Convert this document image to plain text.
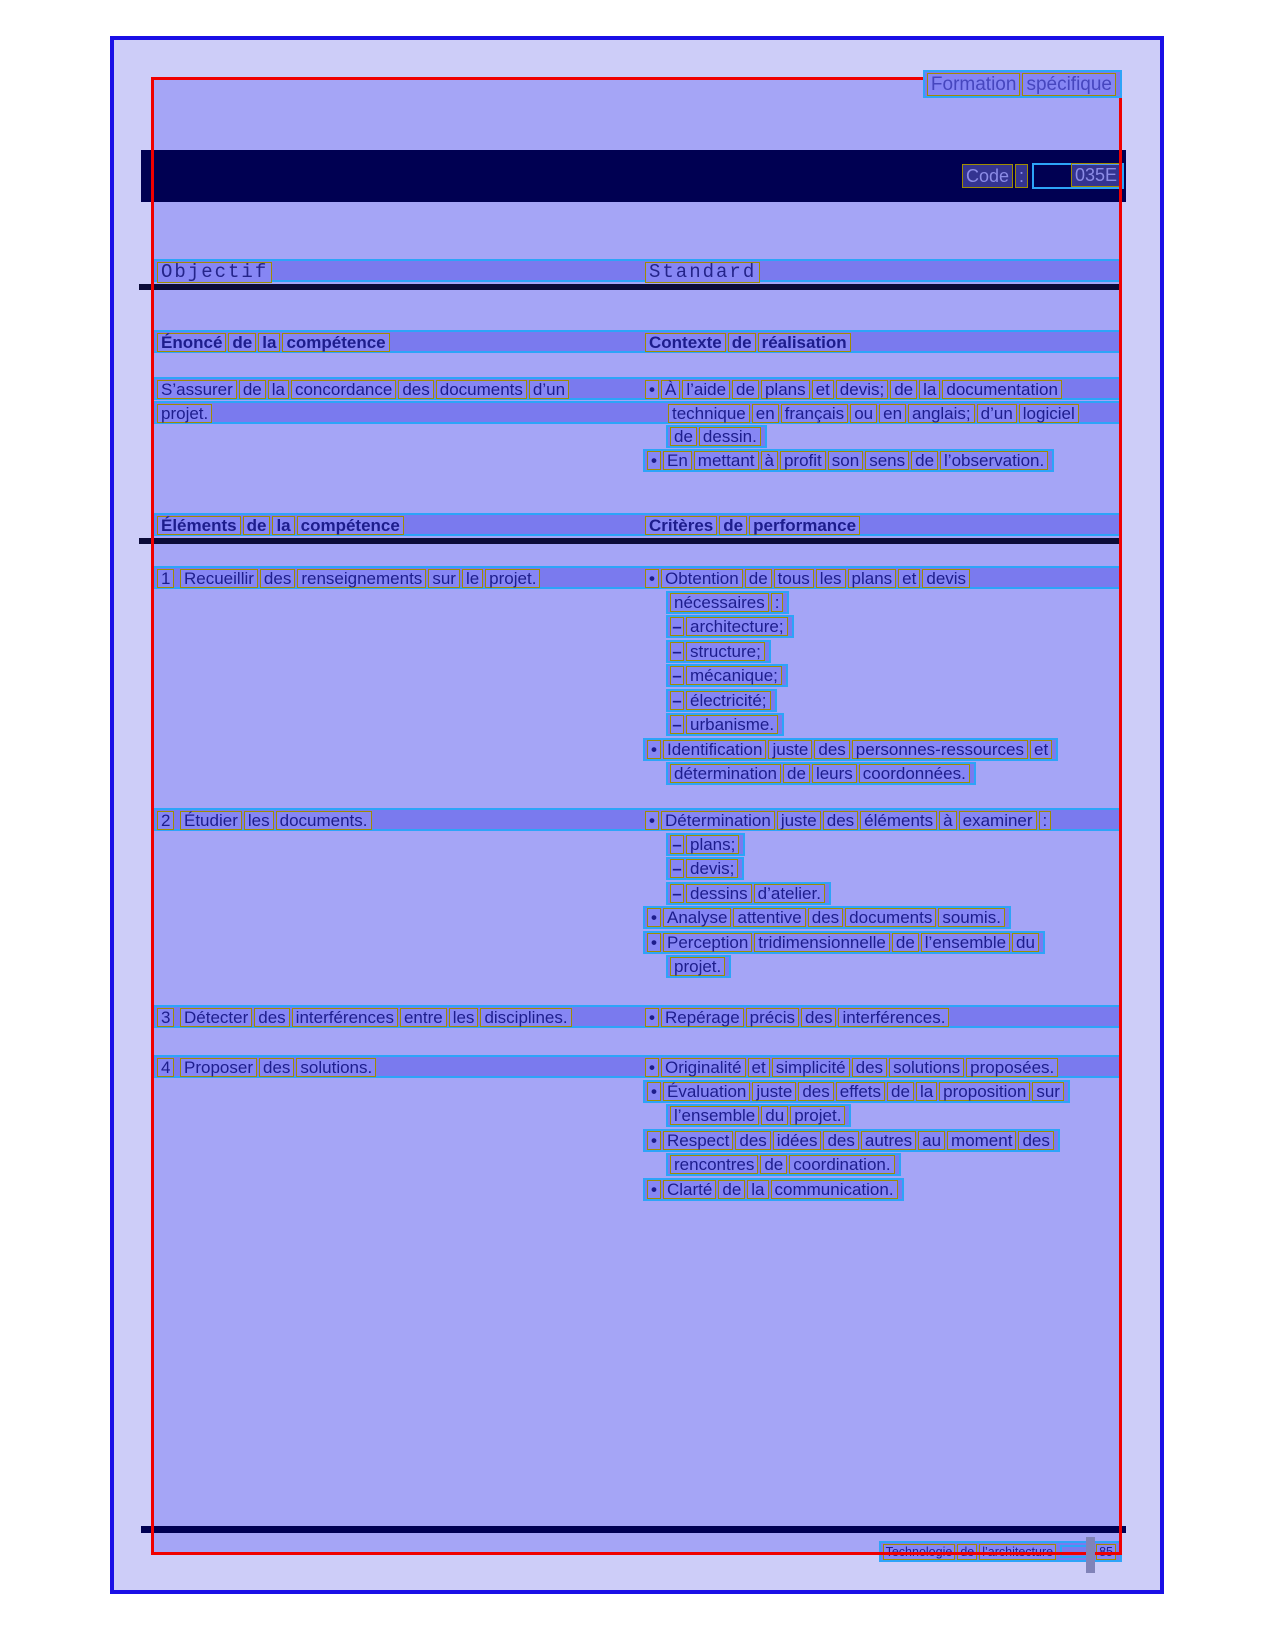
Code :	035E
Formation spécifique
Objectif	Standard
Énoncé de la compétence	Contexte de réalisation
S’assurer de la concordance des documents d’un	• À l’aide de plans et devis; de la documentation
projet.	technique en français ou en anglais; d’un logiciel
de dessin.
• En mettant à profit son sens de l’observation.
Éléments de la compétence	Critères de performance
1 Recueillir des renseignements sur le projet.	• Obtention de tous les plans et devis
nécessaires :
– architecture;
– structure;
– mécanique;
– électricité;
– urbanisme.
• Identification juste des personnes-ressources et
détermination de leurs coordonnées.
2 Étudier les documents.	• Détermination juste des éléments à examiner :
– plans;
– devis;
– dessins d’atelier.
• Analyse attentive des documents soumis.
• Perception tridimensionnelle de l’ensemble du
projet.
3 Détecter des interférences entre les disciplines.	• Repérage précis des interférences.
4 Proposer des solutions.	• Originalité et simplicité des solutions proposées.
• Évaluation juste des effets de la proposition sur
l’ensemble du projet.
• Respect des idées des autres au moment des
rencontres de coordination.
• Clarté de la communication.
Technologie de l’architecture	85
